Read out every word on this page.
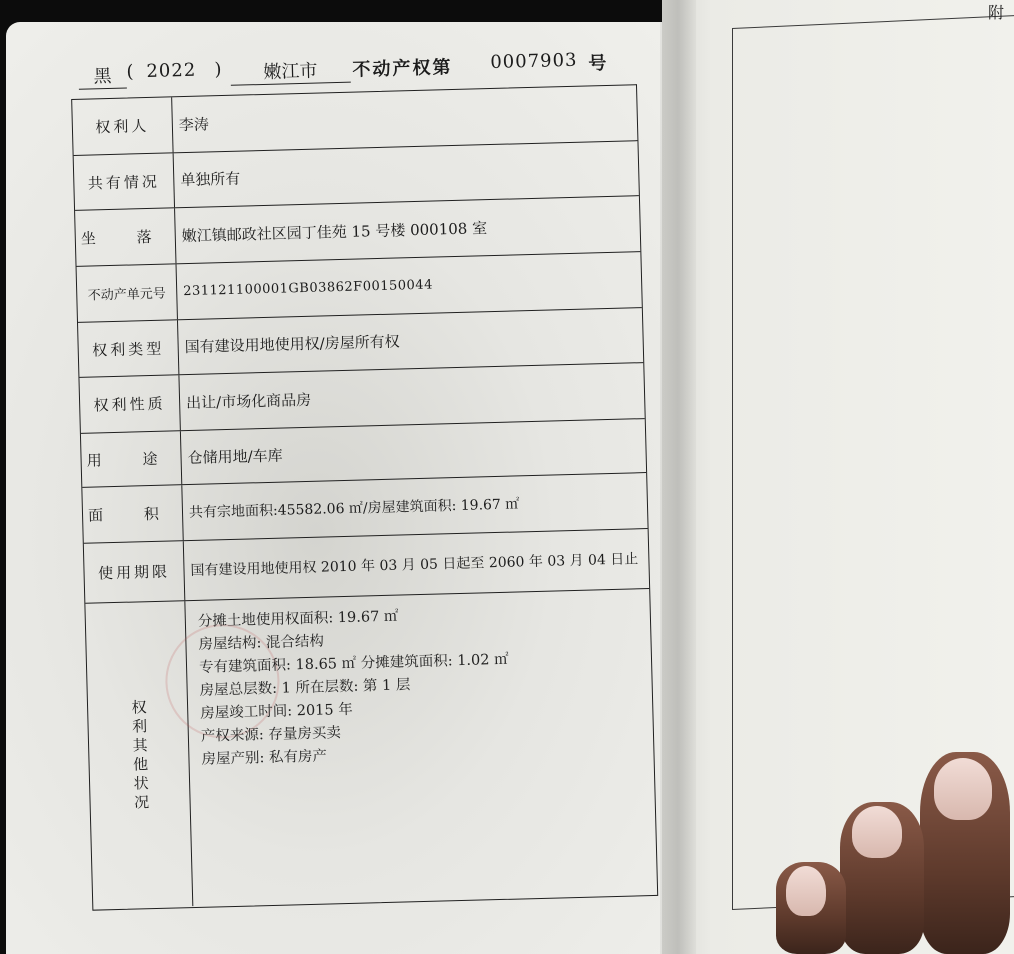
附
黑 ( 2022 )	嫩江市	不动产权第 0007903 号
权利人	李涛
共有情况	单独所有
坐 落 嫩江镇邮政社区园丁佳苑 15 号楼 000108 室
不动产单元号	231121100001GB03862F00150044
权利类型	国有建设用地使用权/房屋所有权
权利性质	出让/市场化商品房
用 途 仓储用地/车库
面 积 共有宗地面积:45582.06 ㎡/房屋建筑面积: 19.67 ㎡
使用期限	国有建设用地使用权 2010 年 03 月 05 日起至 2060 年 03 月 04 日止
权利其他状况
分摊土地使用权面积: 19.67 ㎡
房屋结构: 混合结构
专有建筑面积: 18.65 ㎡ 分摊建筑面积: 1.02 ㎡
房屋总层数: 1 所在层数: 第 1 层
房屋竣工时间: 2015 年
产权来源: 存量房买卖
房屋产别: 私有房产
